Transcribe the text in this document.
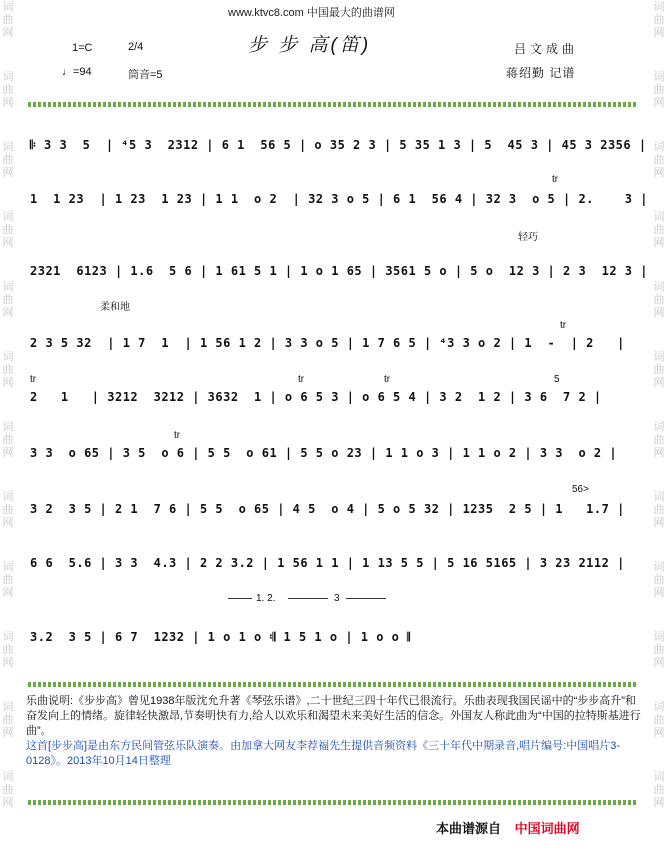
词曲网
词曲网
词曲网
词曲网
词曲网
词曲网
词曲网
词曲网
词曲网
词曲网
词曲网
词曲网
词曲网
词曲网
词曲网
词曲网
词曲网
词曲网
词曲网
词曲网
词曲网
词曲网
词曲网
词曲网
www.ktvc8.com 中国最大的曲谱网
1=C	2/4	步 步 高(笛)	吕文成曲
♩=94	筒音=5	蒋绍勤 记谱
𝄆 3 3  5  | ⁴5 3  2312 | 6 1  56 5 | o 35 2 3 | 5 35 1 3 | 5  45 3 | 45 3 2356 |
1  1 23  | 1 23  1 23 | 1 1  o 2  | 32 3 o 5 | 6 1  56 4 | 32 3  o 5 | 2.    3 |
2321  6123 | 1.6  5 6 | 1 61 5 1 | 1 o 1 65 | 3561 5 o | 5 o  12 3 | 2 3  12 3 |
2 3 5 32  | 1 7  1  | 1 56 1 2 | 3 3 o 5 | 1 7 6 5 | ⁴3 3 o 2 | 1  -  | 2   |
2   1   | 3212  3212 | 3632  1 | o 6 5 3 | o 6 5 4 | 3 2  1 2 | 3 6  7 2 |
3 3  o 65 | 3 5  o 6 | 5 5  o 61 | 5 5 o 23 | 1 1 o 3 | 1 1 o 2 | 3 3  o 2 |
3 2  3 5 | 2 1  7 6 | 5 5  o 65 | 4 5  o 4 | 5 o 5 32 | 1235  2 5 | 1   1.7 |
6 6  5.6 | 3 3  4.3 | 2 2 3.2 | 1 56 1 1 | 1 13 5 5 | 5 16 5165 | 3 23 2112 |
3.2  3 5 | 6 7  1232 | 1 o 1 o 𝄇 1 5 1 o | 1 o o 𝄂
轻巧
柔和地
tr
tr
tr	tr	tr
tr
5
56>
1. 2.	3

乐曲说明:《步步高》曾见1938年版沈允升著《琴弦乐谱》,二十世纪三四十年代已很流行。乐曲表现我国民谣中的“步步高升”和奋发向上的情绪。旋律轻快激昂,节奏明快有力,给人以欢乐和渴望未来美好生活的信念。外国友人称此曲为“中国的拉特斯基进行曲”。

这首[步步高]是由东方民间管弦乐队演奏。由加拿大网友李荐福先生提供音频资料《三十年代中期录音,唱片编号:中国唱片3-0128》。2013年10月14日整理

本曲谱源自 中国词曲网
